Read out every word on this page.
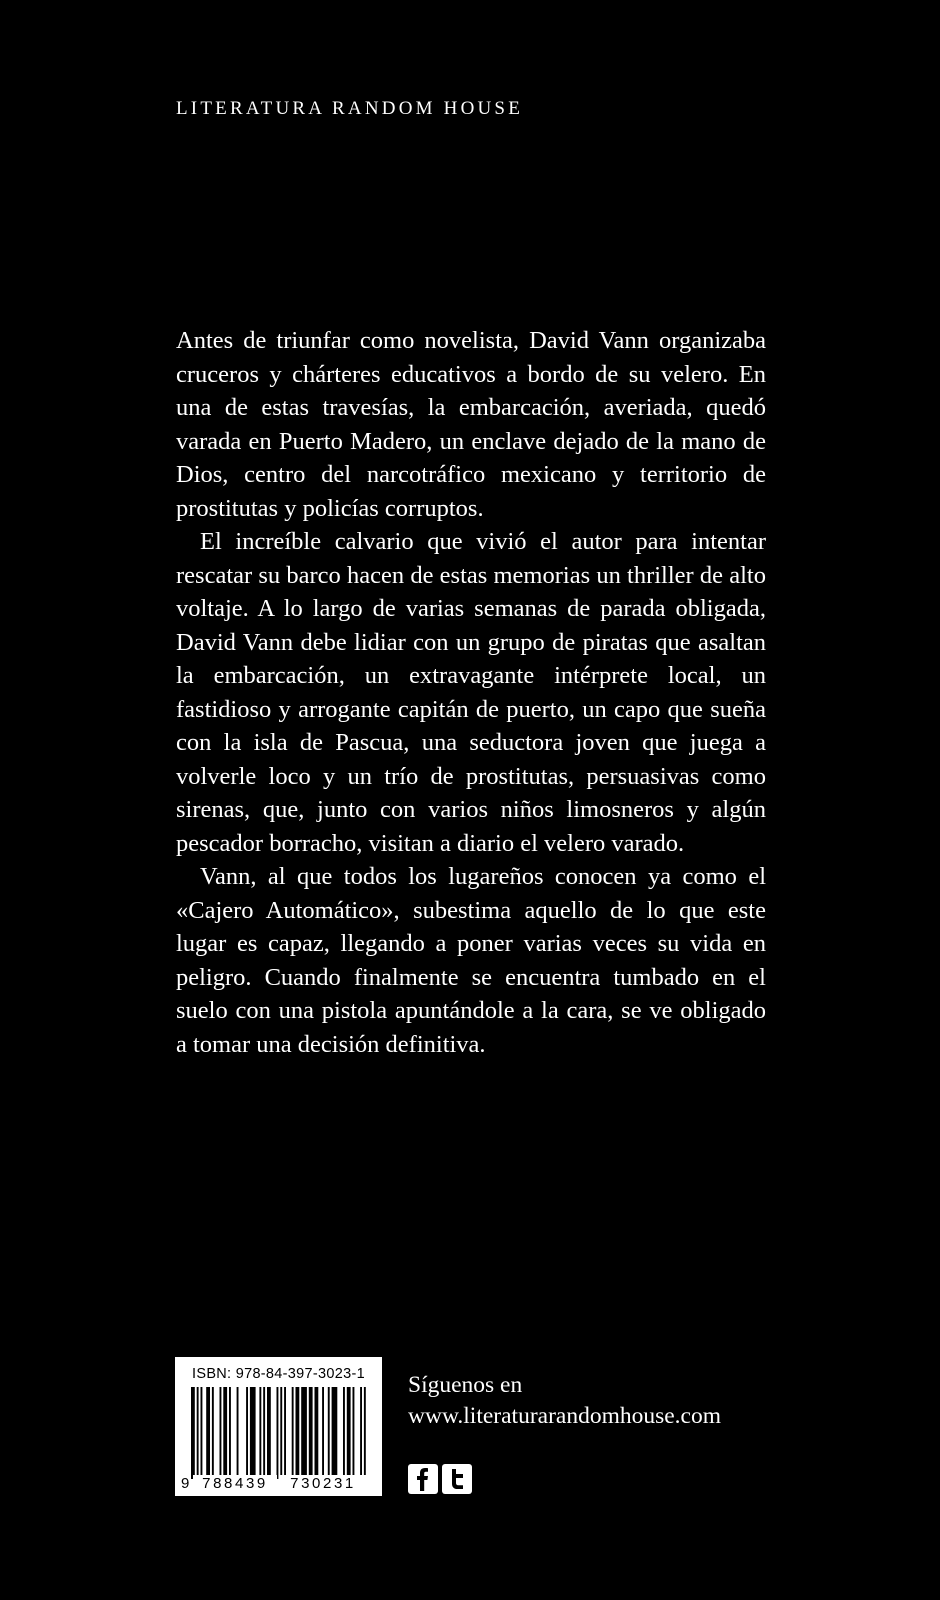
LITERATURA RANDOM HOUSE

Antes de triunfar como novelista, David Vann organizaba cruceros y chárteres educativos a bordo de su velero. En una de estas travesías, la embarcación, averiada, quedó varada en Puerto Madero, un enclave dejado de la mano de Dios, centro del narcotráfico mexicano y territorio de prostitutas y policías corruptos.

El increíble calvario que vivió el autor para intentar rescatar su barco hacen de estas memorias un thriller de alto voltaje. A lo largo de varias semanas de parada obligada, David Vann debe lidiar con un grupo de piratas que asaltan la embarcación, un extravagante intérprete local, un fastidioso y arrogante capitán de puerto, un capo que sueña con la isla de Pascua, una seductora joven que juega a volverle loco y un trío de prostitutas, persuasivas como sirenas, que, junto con varios niños limosneros y algún pescador borracho, visitan a diario el velero varado.

Vann, al que todos los lugareños conocen ya como el «Cajero Automático», subestima aquello de lo que este lugar es capaz, llegando a poner varias veces su vida en peligro. Cuando finalmente se encuentra tumbado en el suelo con una pistola apuntándole a la cara, se ve obligado a tomar una decisión definitiva.

ISBN: 978-84-397-3023-1
9 788439	730231
Síguenos en
www.literaturarandomhouse.com
